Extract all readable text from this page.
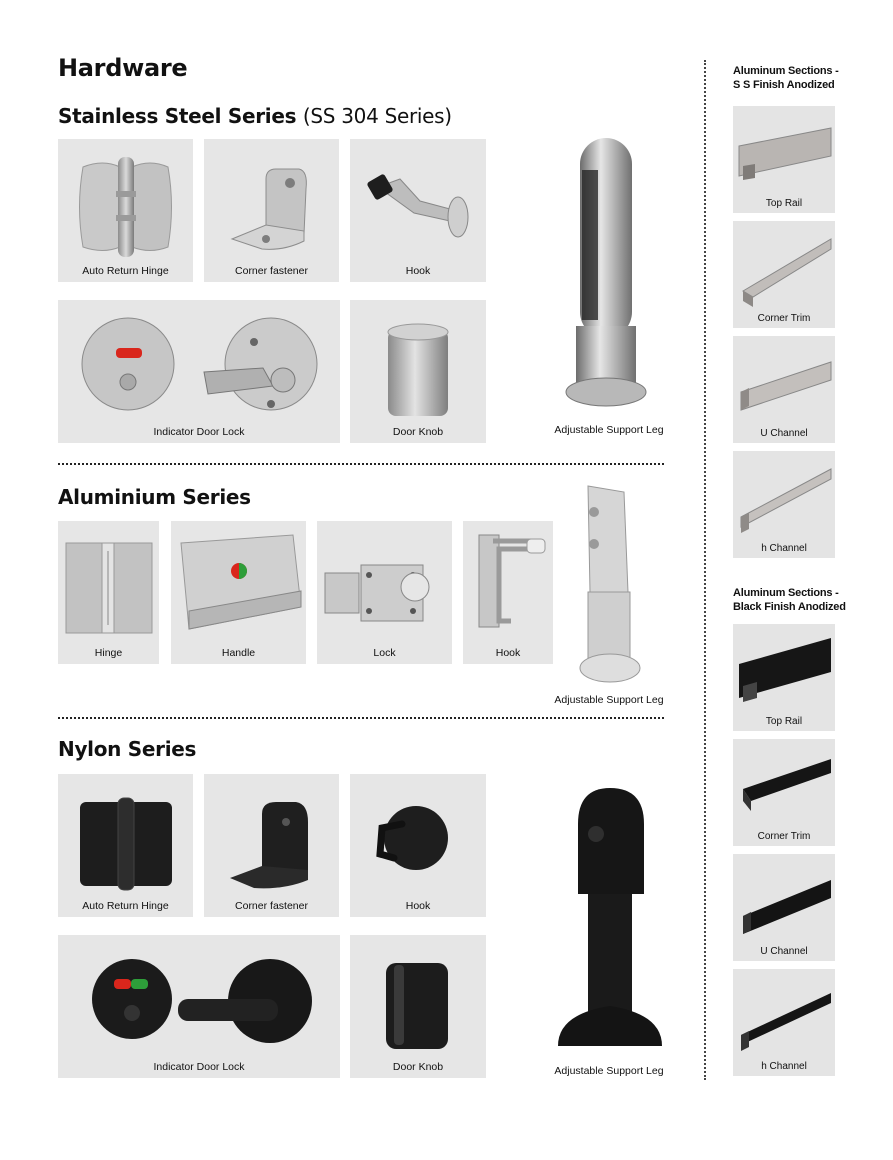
Hardware
Stainless Steel Series (SS 304 Series)
Auto Return Hinge	Corner fastener	Hook
Indicator Door Lock	Door Knob	Adjustable Support Leg
Aluminium Series
Hinge	Handle	Lock	Hook
Adjustable Support Leg
Nylon Series
Auto Return Hinge	Corner fastener	Hook
Indicator Door Lock	Door Knob	Adjustable Support Leg
Aluminum Sections -
S S Finish Anodized
Top Rail
Corner Trim
U Channel
h Channel
Aluminum Sections -
Black Finish Anodized
Top Rail
Corner Trim
U Channel
h Channel
